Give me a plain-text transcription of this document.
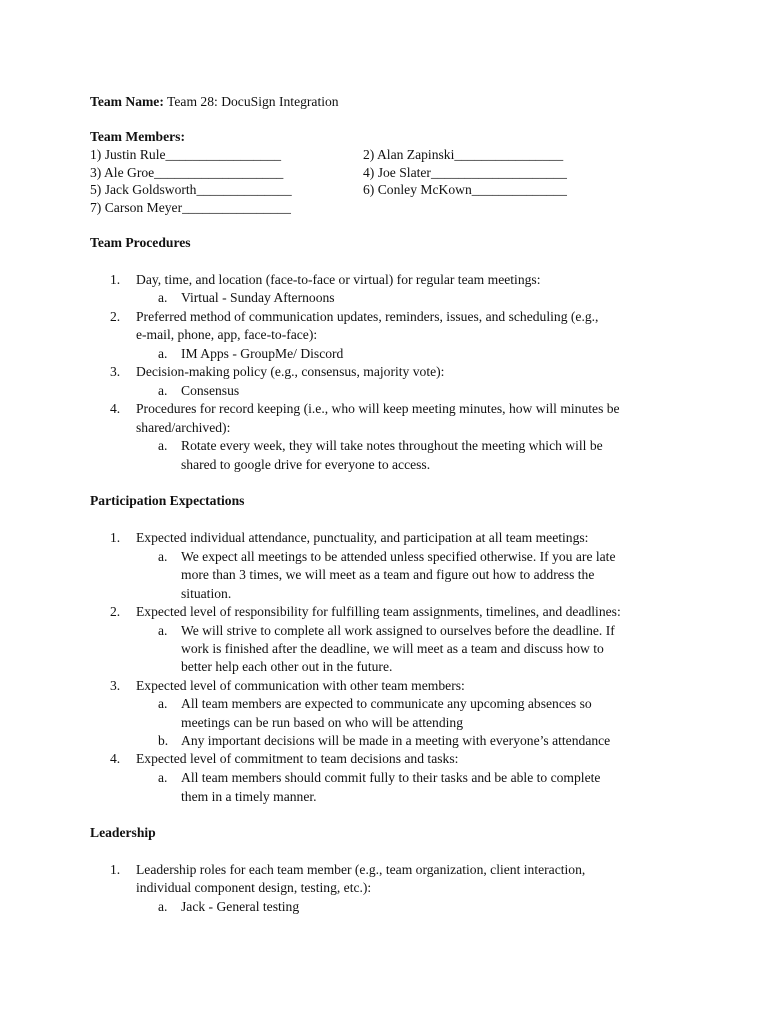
Team Name: Team 28: DocuSign Integration
Team Members:
1) Justin Rule_________________	2) Alan Zapinski________________
3) Ale Groe___________________	4) Joe Slater____________________
5) Jack Goldsworth______________	6) Conley McKown______________
7) Carson Meyer________________
Team Procedures
1. Day, time, and location (face-to-face or virtual) for regular team meetings:
a. Virtual - Sunday Afternoons
2. Preferred method of communication updates, reminders, issues, and scheduling (e.g.,
e-mail, phone, app, face-to-face):
a. IM Apps - GroupMe/ Discord
3. Decision-making policy (e.g., consensus, majority vote):
a. Consensus
4. Procedures for record keeping (i.e., who will keep meeting minutes, how will minutes be
shared/archived):
a. Rotate every week, they will take notes throughout the meeting which will be
shared to google drive for everyone to access.
Participation Expectations
1. Expected individual attendance, punctuality, and participation at all team meetings:
a. We expect all meetings to be attended unless specified otherwise. If you are late
more than 3 times, we will meet as a team and figure out how to address the
situation.
2. Expected level of responsibility for fulfilling team assignments, timelines, and deadlines:
a. We will strive to complete all work assigned to ourselves before the deadline. If
work is finished after the deadline, we will meet as a team and discuss how to
better help each other out in the future.
3. Expected level of communication with other team members:
a. All team members are expected to communicate any upcoming absences so
meetings can be run based on who will be attending
b. Any important decisions will be made in a meeting with everyone’s attendance
4. Expected level of commitment to team decisions and tasks:
a. All team members should commit fully to their tasks and be able to complete
them in a timely manner.
Leadership
1. Leadership roles for each team member (e.g., team organization, client interaction,
individual component design, testing, etc.):
a. Jack - General testing
